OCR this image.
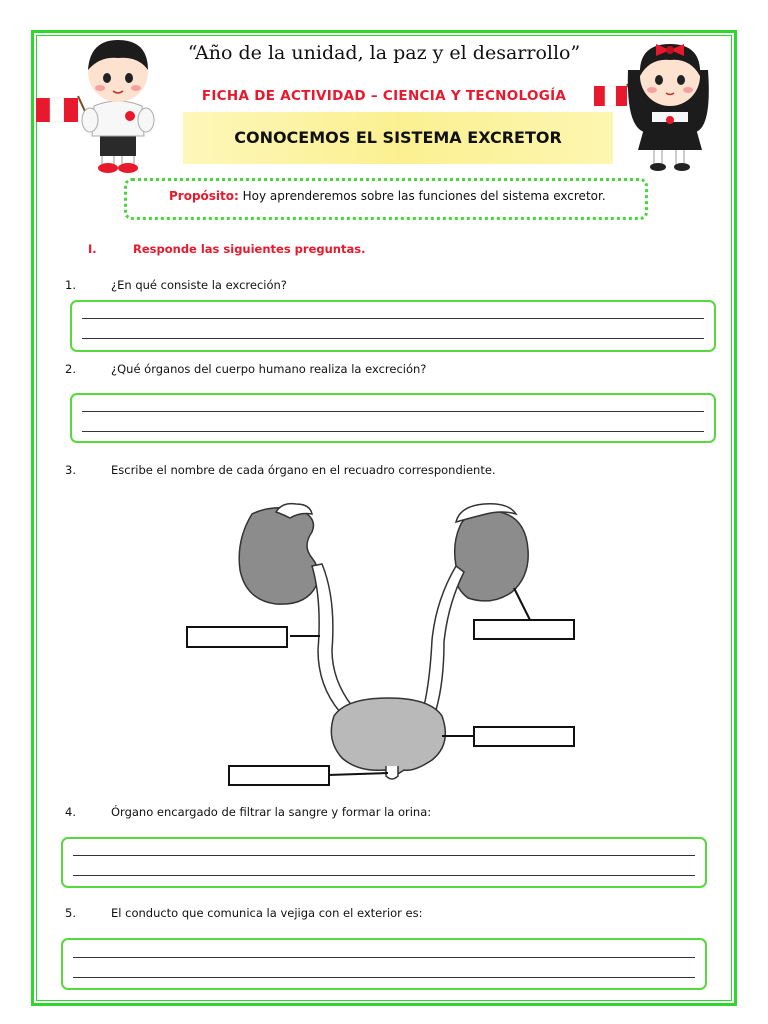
“Año de la unidad, la paz y el desarrollo”
FICHA DE ACTIVIDAD – CIENCIA Y TECNOLOGÍA
CONOCEMOS EL SISTEMA EXCRETOR
Propósito: Hoy aprenderemos sobre las funciones del sistema excretor.
I.	Responde las siguientes preguntas.
1.	¿En qué consiste la excreción?
2.	¿Qué órganos del cuerpo humano realiza la excreción?
3.	Escribe el nombre de cada órgano en el recuadro correspondiente.
4.	Órgano encargado de filtrar la sangre y formar la orina:
5.	El conducto que comunica la vejiga con el exterior es:
